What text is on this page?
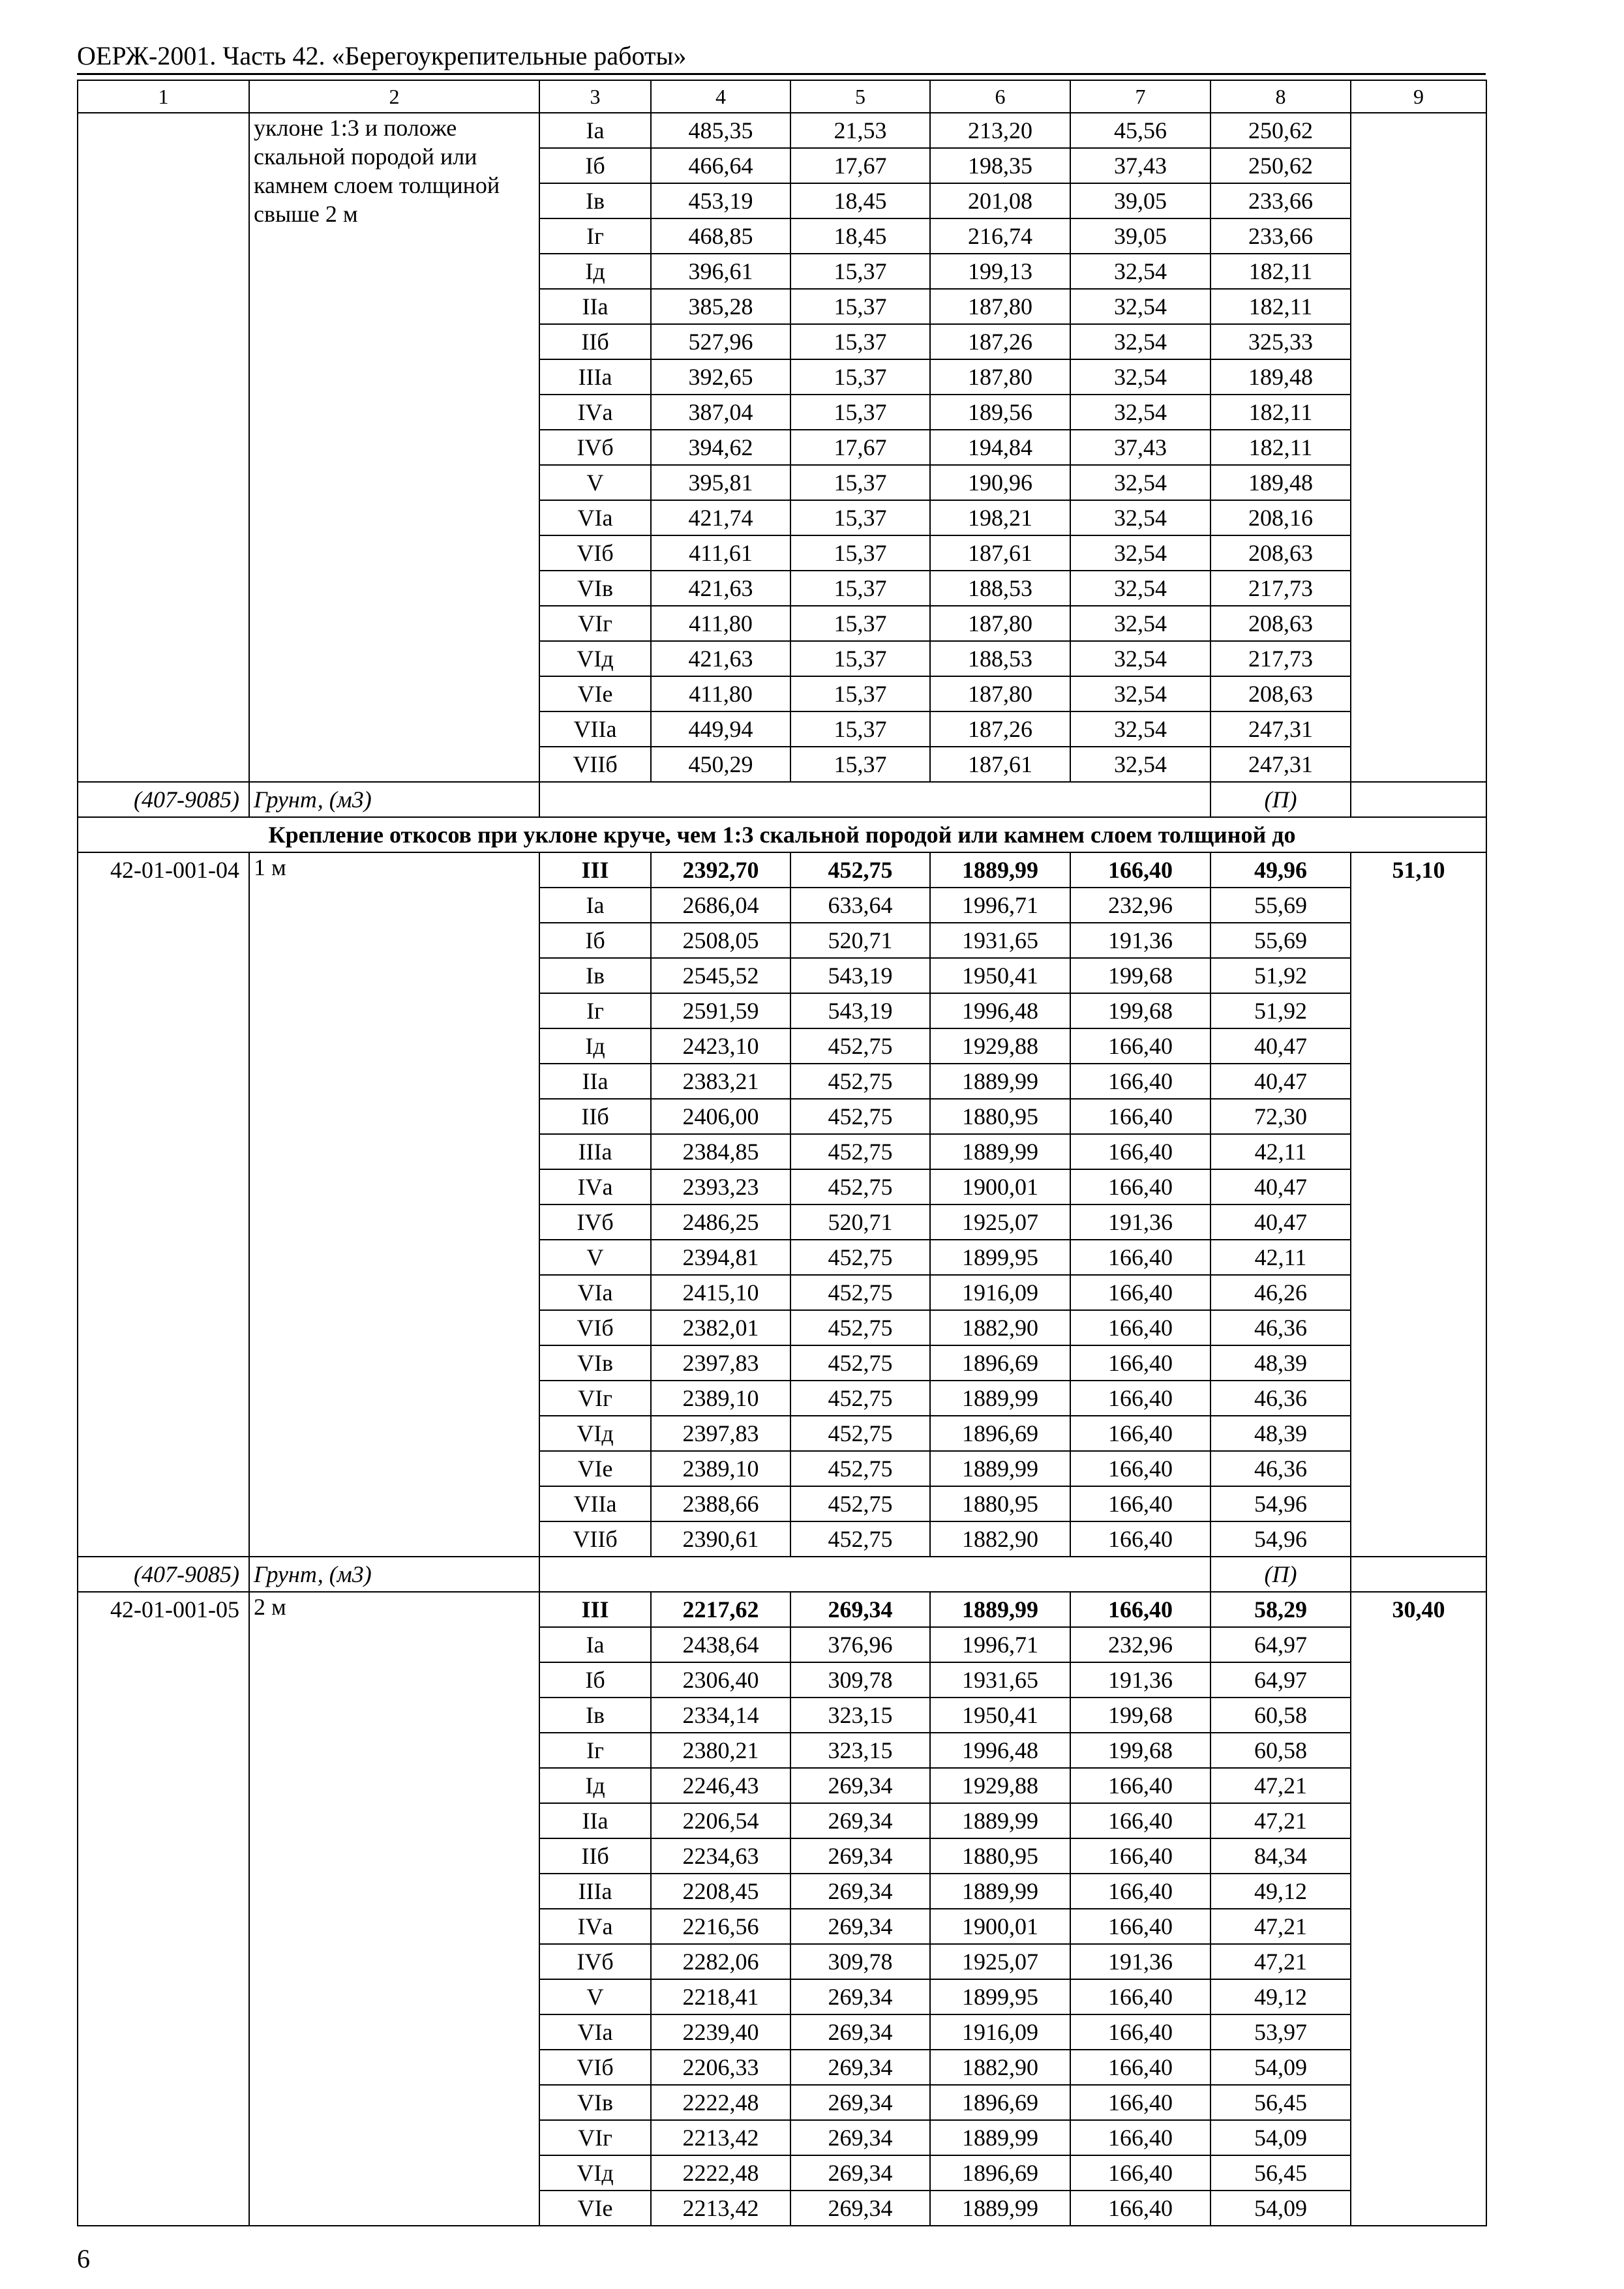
ОЕРЖ-2001. Часть 42. «Берегоукрепительные работы»
1	2	3	4	5	6	7	8	9
	уклоне 1:3 и положе скальной породой или камнем слоем толщиной свыше 2 м	Iа	485,35	21,53	213,20	45,56	250,62	
		Iб	466,64	17,67	198,35	37,43	250,62	
		Iв	453,19	18,45	201,08	39,05	233,66	
		Iг	468,85	18,45	216,74	39,05	233,66	
		Iд	396,61	15,37	199,13	32,54	182,11	
		IIа	385,28	15,37	187,80	32,54	182,11	
		IIб	527,96	15,37	187,26	32,54	325,33	
		IIIа	392,65	15,37	187,80	32,54	189,48	
		IVа	387,04	15,37	189,56	32,54	182,11	
		IVб	394,62	17,67	194,84	37,43	182,11	
		V	395,81	15,37	190,96	32,54	189,48	
		VIа	421,74	15,37	198,21	32,54	208,16	
		VIб	411,61	15,37	187,61	32,54	208,63	
		VIв	421,63	15,37	188,53	32,54	217,73	
		VIг	411,80	15,37	187,80	32,54	208,63	
		VIд	421,63	15,37	188,53	32,54	217,73	
		VIе	411,80	15,37	187,80	32,54	208,63	
		VIIа	449,94	15,37	187,26	32,54	247,31	
		VIIб	450,29	15,37	187,61	32,54	247,31	
(407-9085)	Грунт, (м3)						(П)	
Крепление откосов при уклоне круче, чем 1:3 скальной породой или камнем слоем толщиной до								
42-01-001-04	1 м	III	2392,70	452,75	1889,99	166,40	49,96	51,10
		Iа	2686,04	633,64	1996,71	232,96	55,69	
		Iб	2508,05	520,71	1931,65	191,36	55,69	
		Iв	2545,52	543,19	1950,41	199,68	51,92	
		Iг	2591,59	543,19	1996,48	199,68	51,92	
		Iд	2423,10	452,75	1929,88	166,40	40,47	
		IIа	2383,21	452,75	1889,99	166,40	40,47	
		IIб	2406,00	452,75	1880,95	166,40	72,30	
		IIIа	2384,85	452,75	1889,99	166,40	42,11	
		IVа	2393,23	452,75	1900,01	166,40	40,47	
		IVб	2486,25	520,71	1925,07	191,36	40,47	
		V	2394,81	452,75	1899,95	166,40	42,11	
		VIа	2415,10	452,75	1916,09	166,40	46,26	
		VIб	2382,01	452,75	1882,90	166,40	46,36	
		VIв	2397,83	452,75	1896,69	166,40	48,39	
		VIг	2389,10	452,75	1889,99	166,40	46,36	
		VIд	2397,83	452,75	1896,69	166,40	48,39	
		VIе	2389,10	452,75	1889,99	166,40	46,36	
		VIIа	2388,66	452,75	1880,95	166,40	54,96	
		VIIб	2390,61	452,75	1882,90	166,40	54,96	
(407-9085)	Грунт, (м3)						(П)	
42-01-001-05	2 м	III	2217,62	269,34	1889,99	166,40	58,29	30,40
		Iа	2438,64	376,96	1996,71	232,96	64,97	
		Iб	2306,40	309,78	1931,65	191,36	64,97	
		Iв	2334,14	323,15	1950,41	199,68	60,58	
		Iг	2380,21	323,15	1996,48	199,68	60,58	
		Iд	2246,43	269,34	1929,88	166,40	47,21	
		IIа	2206,54	269,34	1889,99	166,40	47,21	
		IIб	2234,63	269,34	1880,95	166,40	84,34	
		IIIа	2208,45	269,34	1889,99	166,40	49,12	
		IVа	2216,56	269,34	1900,01	166,40	47,21	
		IVб	2282,06	309,78	1925,07	191,36	47,21	
		V	2218,41	269,34	1899,95	166,40	49,12	
		VIа	2239,40	269,34	1916,09	166,40	53,97	
		VIб	2206,33	269,34	1882,90	166,40	54,09	
		VIв	2222,48	269,34	1896,69	166,40	56,45	
		VIг	2213,42	269,34	1889,99	166,40	54,09	
		VIд	2222,48	269,34	1896,69	166,40	56,45	
		VIе	2213,42	269,34	1889,99	166,40	54,09	
6
